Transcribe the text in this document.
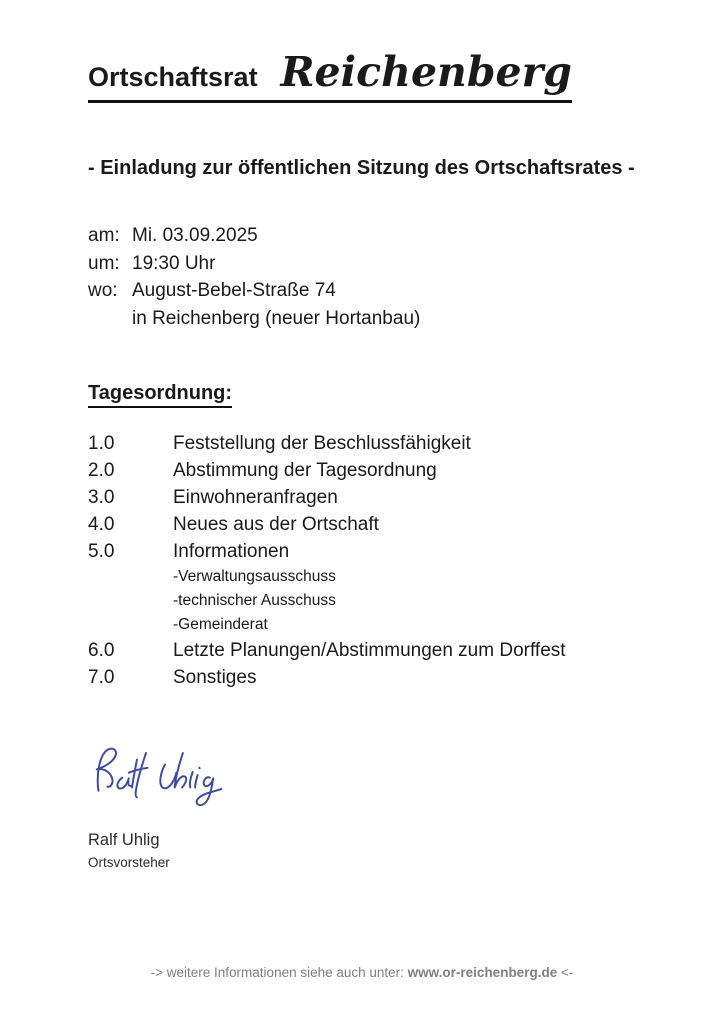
Ortschaftsrat Reichenberg

- Einladung zur öffentlichen Sitzung des Ortschaftsrates -

am: Mi. 03.09.2025
um: 19:30 Uhr
wo: August-Bebel-Straße 74
in Reichenberg (neuer Hortanbau)
Tagesordnung:
1.0	Feststellung der Beschlussfähigkeit
2.0	Abstimmung der Tagesordnung
3.0	Einwohneranfragen
4.0	Neues aus der Ortschaft
5.0	Informationen
-Verwaltungsausschuss
-technischer Ausschuss
-Gemeinderat
6.0	Letzte Planungen/Abstimmungen zum Dorffest
7.0	Sonstiges
Ralf Uhlig
Ortsvorsteher
-> weitere Informationen siehe auch unter: www.or-reichenberg.de <-
